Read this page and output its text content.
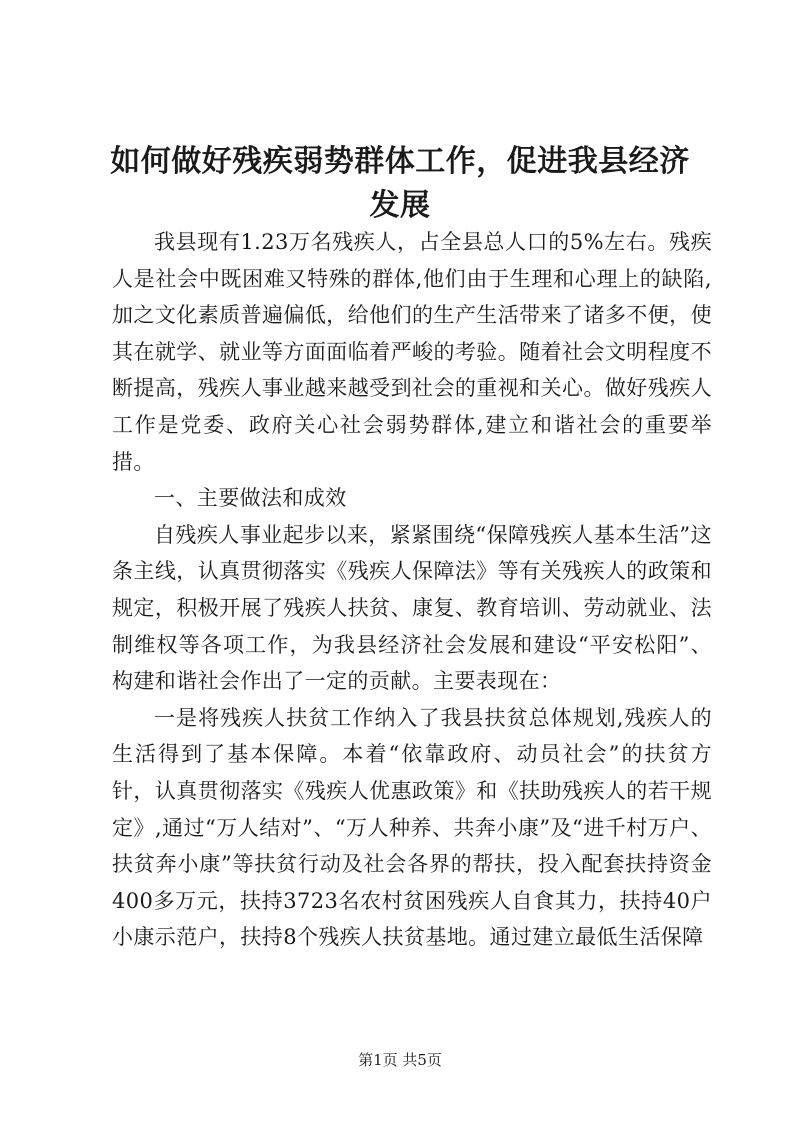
如何做好残疾弱势群体工作，促进我县经济发展

我县现有1.23万名残疾人，占全县总人口的5%左右。残疾人是社会中既困难又特殊的群体,他们由于生理和心理上的缺陷,加之文化素质普遍偏低，给他们的生产生活带来了诸多不便，使其在就学、就业等方面面临着严峻的考验。随着社会文明程度不断提高，残疾人事业越来越受到社会的重视和关心。做好残疾人工作是党委、政府关心社会弱势群体,建立和谐社会的重要举措。

一、主要做法和成效

自残疾人事业起步以来，紧紧围绕“保障残疾人基本生活”这条主线，认真贯彻落实《残疾人保障法》等有关残疾人的政策和规定，积极开展了残疾人扶贫、康复、教育培训、劳动就业、法制维权等各项工作，为我县经济社会发展和建设“平安松阳”、构建和谐社会作出了一定的贡献。主要表现在：

一是将残疾人扶贫工作纳入了我县扶贫总体规划,残疾人的生活得到了基本保障。本着“依靠政府、动员社会”的扶贫方针，认真贯彻落实《残疾人优惠政策》和《扶助残疾人的若干规定》,通过“万人结对”、“万人种养、共奔小康”及“进千村万户、扶贫奔小康”等扶贫行动及社会各界的帮扶，投入配套扶持资金400多万元，扶持3723名农村贫困残疾人自食其力，扶持40户小康示范户，扶持8个残疾人扶贫基地。通过建立最低生活保障

第1页 共5页
